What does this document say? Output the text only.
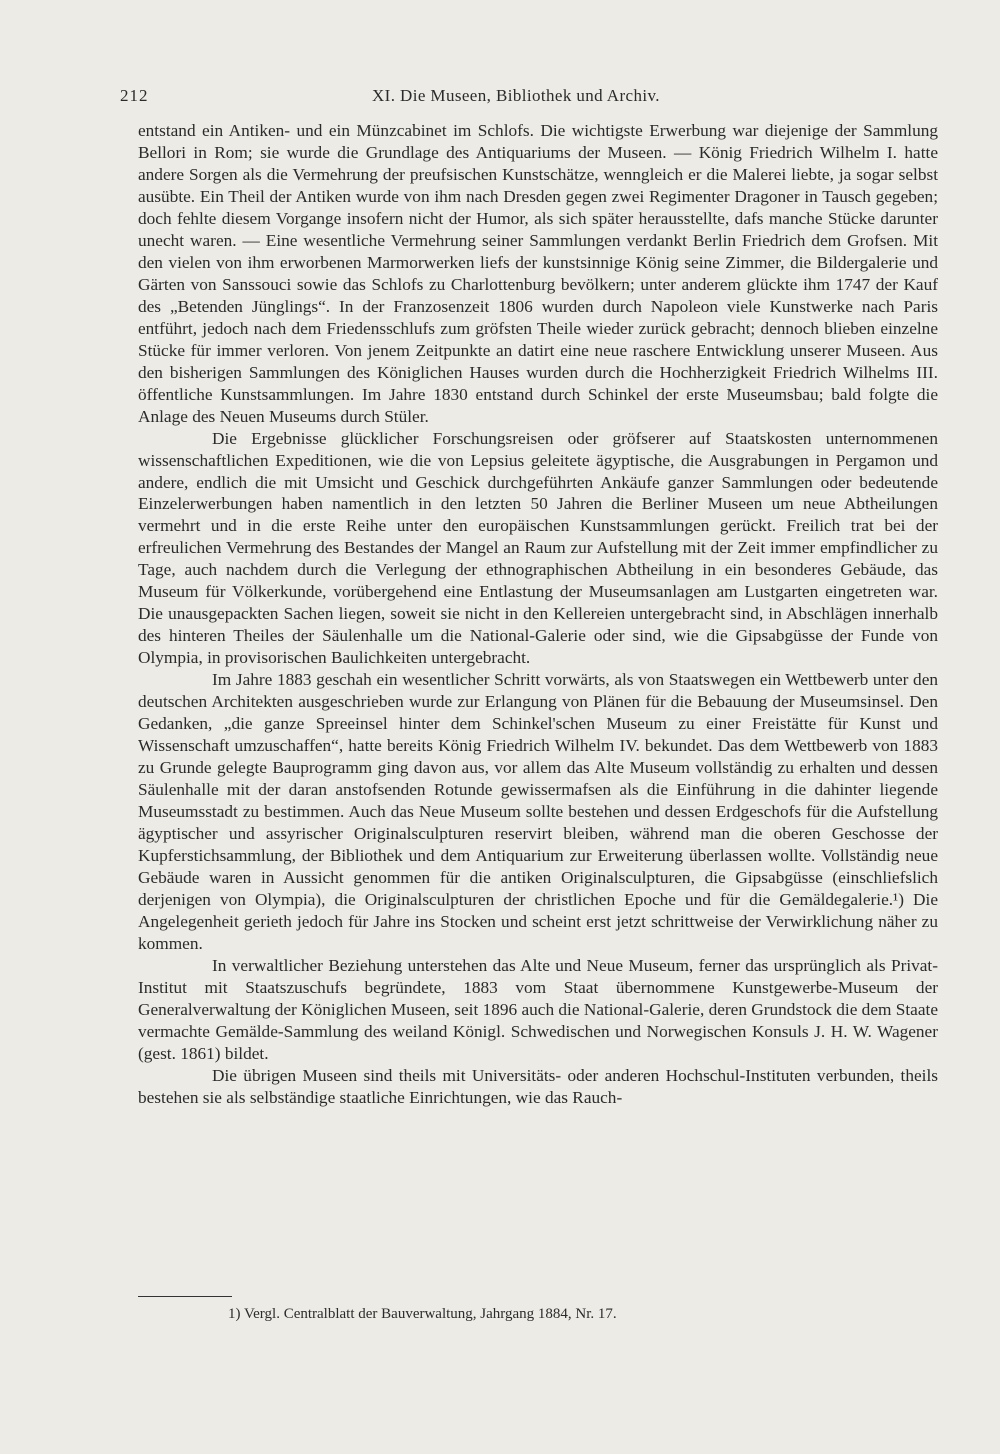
212	XI. Die Museen, Bibliothek und Archiv.

entstand ein Antiken- und ein Münzcabinet im Schlofs. Die wichtigste Erwerbung war diejenige der Sammlung Bellori in Rom; sie wurde die Grundlage des Antiquariums der Museen. — König Friedrich Wilhelm I. hatte andere Sorgen als die Vermehrung der preufsischen Kunstschätze, wenngleich er die Malerei liebte, ja sogar selbst ausübte. Ein Theil der Antiken wurde von ihm nach Dresden gegen zwei Regimenter Dragoner in Tausch gegeben; doch fehlte diesem Vorgange insofern nicht der Humor, als sich später herausstellte, dafs manche Stücke darunter unecht waren. — Eine wesentliche Vermehrung seiner Sammlungen verdankt Berlin Friedrich dem Grofsen. Mit den vielen von ihm erworbenen Marmorwerken liefs der kunstsinnige König seine Zimmer, die Bildergalerie und Gärten von Sanssouci sowie das Schlofs zu Charlottenburg bevölkern; unter anderem glückte ihm 1747 der Kauf des „Betenden Jünglings“. In der Franzosenzeit 1806 wurden durch Napoleon viele Kunstwerke nach Paris entführt, jedoch nach dem Friedensschlufs zum gröfsten Theile wieder zurück gebracht; dennoch blieben einzelne Stücke für immer verloren. Von jenem Zeitpunkte an datirt eine neue raschere Entwicklung unserer Museen. Aus den bisherigen Sammlungen des Königlichen Hauses wurden durch die Hochherzigkeit Friedrich Wilhelms III. öffentliche Kunstsammlungen. Im Jahre 1830 entstand durch Schinkel der erste Museumsbau; bald folgte die Anlage des Neuen Museums durch Stüler.

Die Ergebnisse glücklicher Forschungsreisen oder gröfserer auf Staatskosten unternommenen wissenschaftlichen Expeditionen, wie die von Lepsius geleitete ägyptische, die Ausgrabungen in Pergamon und andere, endlich die mit Umsicht und Geschick durchgeführten Ankäufe ganzer Sammlungen oder bedeutende Einzelerwerbungen haben namentlich in den letzten 50 Jahren die Berliner Museen um neue Abtheilungen vermehrt und in die erste Reihe unter den europäischen Kunstsammlungen gerückt. Freilich trat bei der erfreulichen Vermehrung des Bestandes der Mangel an Raum zur Aufstellung mit der Zeit immer empfindlicher zu Tage, auch nachdem durch die Verlegung der ethnographischen Abtheilung in ein besonderes Gebäude, das Museum für Völkerkunde, vorübergehend eine Entlastung der Museumsanlagen am Lustgarten eingetreten war. Die unausgepackten Sachen liegen, soweit sie nicht in den Kellereien untergebracht sind, in Abschlägen innerhalb des hinteren Theiles der Säulenhalle um die National-Galerie oder sind, wie die Gipsabgüsse der Funde von Olympia, in provisorischen Baulichkeiten untergebracht.

Im Jahre 1883 geschah ein wesentlicher Schritt vorwärts, als von Staatswegen ein Wettbewerb unter den deutschen Architekten ausgeschrieben wurde zur Erlangung von Plänen für die Bebauung der Museumsinsel. Den Gedanken, „die ganze Spreeinsel hinter dem Schinkel'schen Museum zu einer Freistätte für Kunst und Wissenschaft umzuschaffen“, hatte bereits König Friedrich Wilhelm IV. bekundet. Das dem Wettbewerb von 1883 zu Grunde gelegte Bauprogramm ging davon aus, vor allem das Alte Museum vollständig zu erhalten und dessen Säulenhalle mit der daran anstofsenden Rotunde gewissermafsen als die Einführung in die dahinter liegende Museumsstadt zu bestimmen. Auch das Neue Museum sollte bestehen und dessen Erdgeschofs für die Aufstellung ägyptischer und assyrischer Originalsculpturen reservirt bleiben, während man die oberen Geschosse der Kupferstichsammlung, der Bibliothek und dem Antiquarium zur Erweiterung überlassen wollte. Vollständig neue Gebäude waren in Aussicht genommen für die antiken Originalsculpturen, die Gipsabgüsse (einschliefslich derjenigen von Olympia), die Originalsculpturen der christlichen Epoche und für die Gemäldegalerie.¹) Die Angelegenheit gerieth jedoch für Jahre ins Stocken und scheint erst jetzt schrittweise der Verwirklichung näher zu kommen.

In verwaltlicher Beziehung unterstehen das Alte und Neue Museum, ferner das ursprünglich als Privat-Institut mit Staatszuschufs begründete, 1883 vom Staat übernommene Kunstgewerbe-Museum der Generalverwaltung der Königlichen Museen, seit 1896 auch die National-Galerie, deren Grundstock die dem Staate vermachte Gemälde-Sammlung des weiland Königl. Schwedischen und Norwegischen Konsuls J. H. W. Wagener (gest. 1861) bildet.

Die übrigen Museen sind theils mit Universitäts- oder anderen Hochschul-Instituten verbunden, theils bestehen sie als selbständige staatliche Einrichtungen, wie das Rauch-

1) Vergl. Centralblatt der Bauverwaltung, Jahrgang 1884, Nr. 17.
